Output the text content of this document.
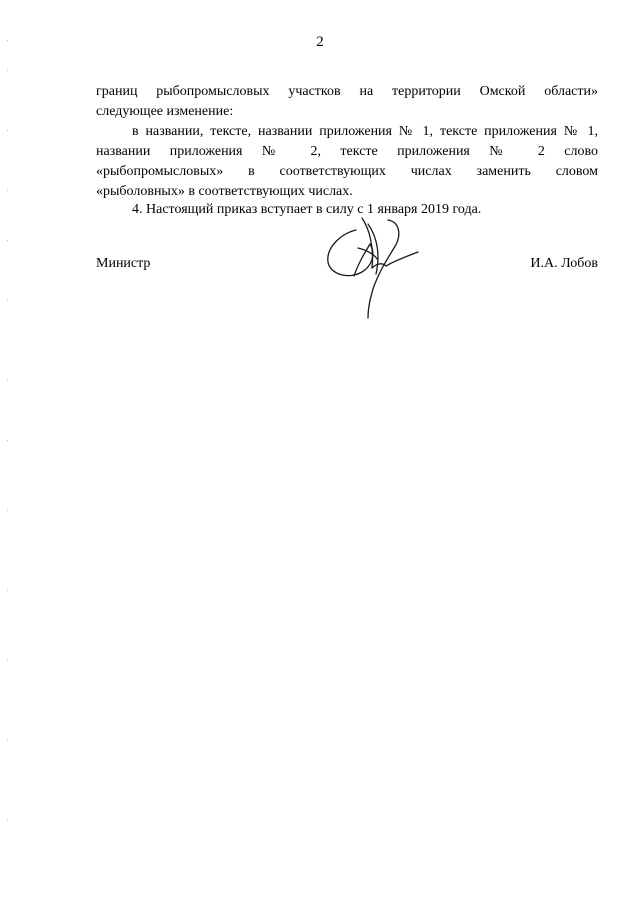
2
границ рыбопромысловых участков на территории Омской области»
следующее изменение:
в названии, тексте, названии приложения № 1, тексте приложения № 1,
названии приложения № 2, тексте приложения № 2 слово
«рыбопромысловых» в соответствующих числах заменить словом
«рыболовных» в соответствующих числах.
4. Настоящий приказ вступает в силу с 1 января 2019 года.
Министр	И.А. Лобов
